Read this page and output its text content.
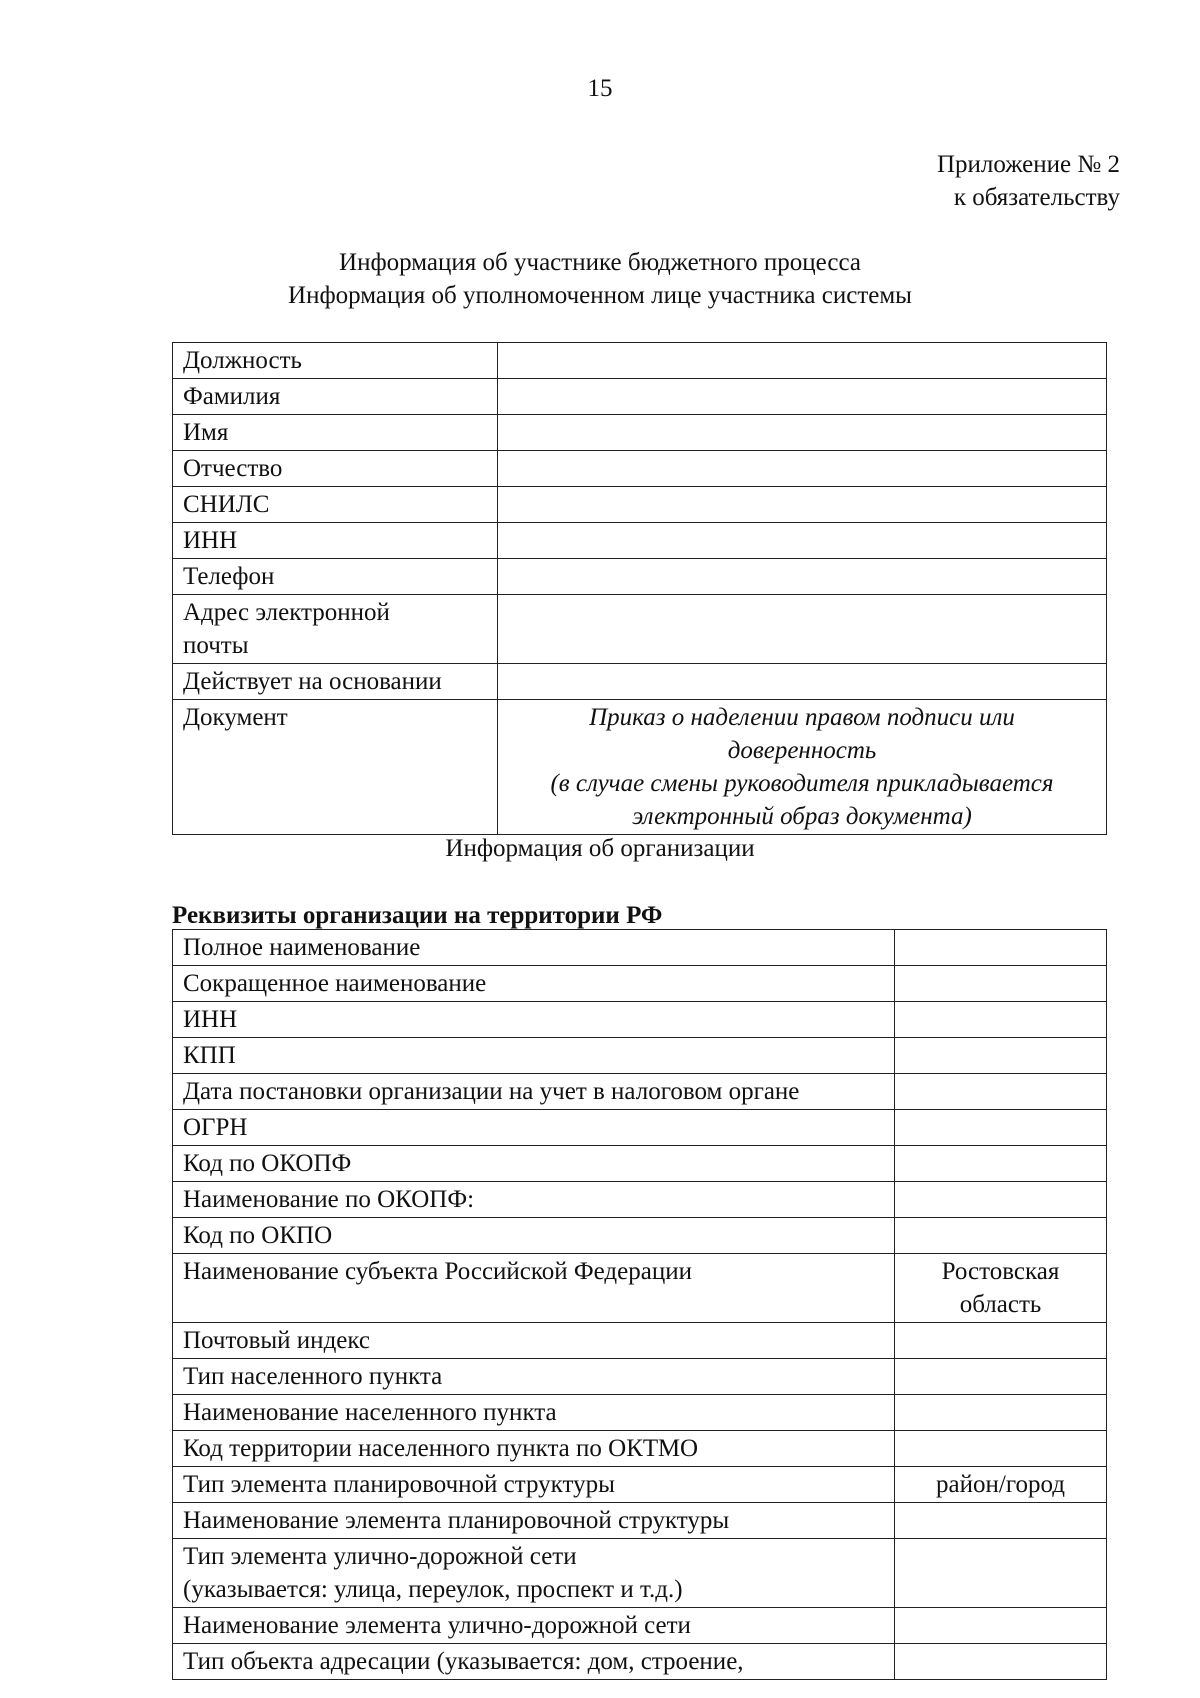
15
Приложение № 2
к обязательству
Информация об участнике бюджетного процесса
Информация об уполномоченном лице участника системы
Должность	
Фамилия	
Имя	
Отчество	
СНИЛС	
ИНН	
Телефон	

Адрес электронной
почты	

Действует на основании	
Документ	Приказ о наделении правом подписи или
доверенность
(в случае смены руководителя прикладывается
электронный образ документа)
Информация об организации
Реквизиты организации на территории РФ
Полное наименование	
Сокращенное наименование	
ИНН	
КПП	
Дата постановки организации на учет в налоговом органе	
ОГРН	
Код по ОКОПФ	
Наименование по ОКОПФ:	
Код по ОКПО	
Наименование субъекта Российской Федерации	Ростовская
область

Почтовый индекс	
Тип населенного пункта	
Наименование населенного пункта	
Код территории населенного пункта по ОКТМО	
Тип элемента планировочной структуры	район/город
Наименование элемента планировочной структуры	

Тип элемента улично-дорожной сети
(указывается: улица, переулок, проспект и т.д.)	

Наименование элемента улично-дорожной сети	
Тип объекта адресации (указывается: дом, строение,	
